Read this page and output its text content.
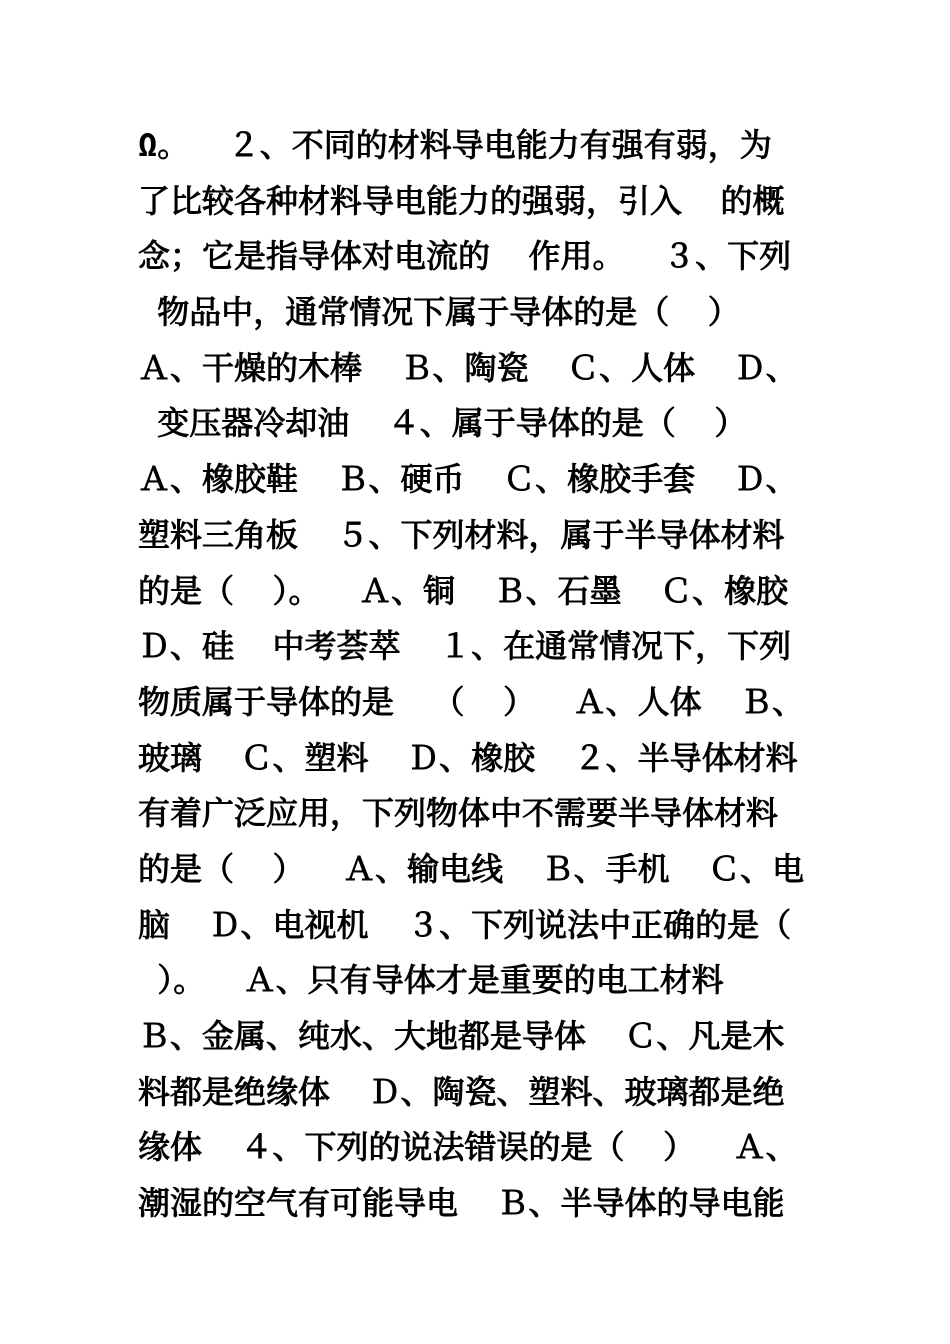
Ω。  ２、不同的材料导电能力有强有弱，为
了比较各种材料导电能力的强弱，引入  的概
念；它是指导体对电流的  作用。  ３、下列
物品中，通常情况下属于导体的是（  ）
Ａ、干燥的木棒  Ｂ、陶瓷  Ｃ、人体  Ｄ、
变压器冷却油  ４、属于导体的是（  ）
Ａ、橡胶鞋  Ｂ、硬币  Ｃ、橡胶手套  Ｄ、
塑料三角板  ５、下列材料，属于半导体材料
的是（  ）。  Ａ、铜  Ｂ、石墨  Ｃ、橡胶
Ｄ、硅  中考荟萃  １、在通常情况下，下列
物质属于导体的是  （  ）  Ａ、人体  Ｂ、
玻璃  Ｃ、塑料  Ｄ、橡胶  ２、半导体材料
有着广泛应用，下列物体中不需要半导体材料
的是（  ）  Ａ、输电线  Ｂ、手机  Ｃ、电
脑  Ｄ、电视机  ３、下列说法中正确的是（
）。  Ａ、只有导体才是重要的电工材料
Ｂ、金属、纯水、大地都是导体  Ｃ、凡是木
料都是绝缘体  Ｄ、陶瓷、塑料、玻璃都是绝
缘体  ４、下列的说法错误的是（  ）  Ａ、
潮湿的空气有可能导电  Ｂ、半导体的导电能
